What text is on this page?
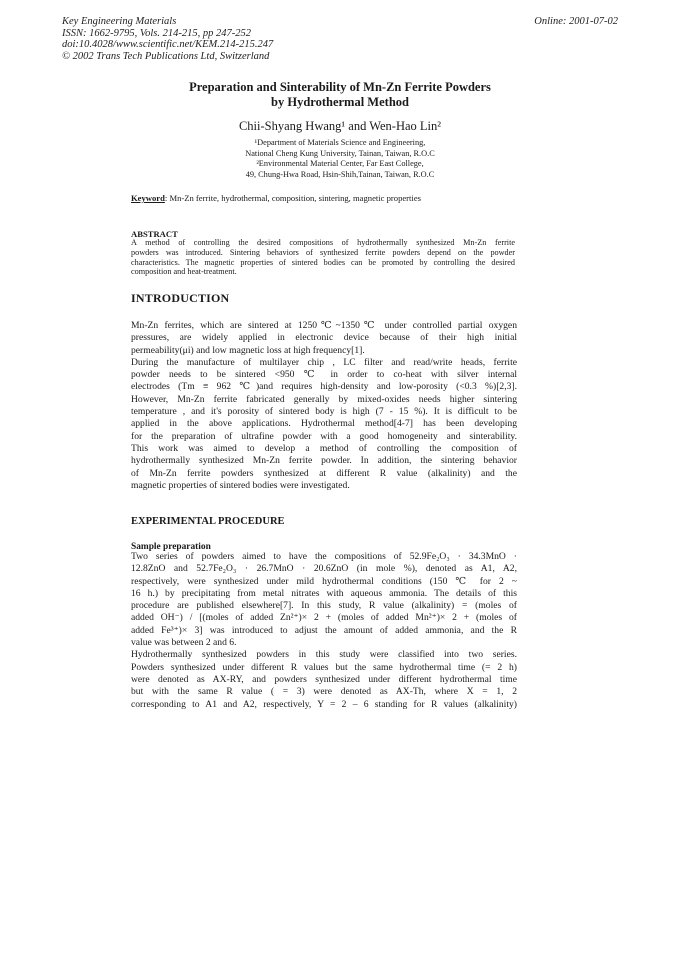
Key Engineering Materials
ISSN: 1662-9795, Vols. 214-215, pp 247-252
doi:10.4028/www.scientific.net/KEM.214-215.247
© 2002 Trans Tech Publications Ltd, Switzerland
Online: 2001-07-02
Preparation and Sinterability of Mn-Zn Ferrite Powders
by Hydrothermal Method
Chii-Shyang Hwang¹ and Wen-Hao Lin²
¹Department of Materials Science and Engineering,
National Cheng Kung University, Tainan, Taiwan, R.O.C
²Environmental Material Center, Far East College,
49, Chung-Hwa Road, Hsin-Shih,Tainan, Taiwan, R.O.C
Keyword: Mn-Zn ferrite, hydrothermal, composition, sintering, magnetic properties
ABSTRACT
A method of controlling the desired compositions of hydrothermally synthesized Mn-Zn ferrite
powders was introduced. Sintering behaviors of synthesized ferrite powders depend on the powder
characteristics. The magnetic properties of sintered bodies can be promoted by controlling the desired
composition and heat-treatment.
INTRODUCTION
Mn-Zn ferrites, which are sintered at 1250℃~1350℃ under controlled partial oxygen
pressures, are widely applied in electronic device because of their high initial
permeability(μi) and low magnetic loss at high frequency[1].
During the manufacture of multilayer chip , LC filter and read/write heads, ferrite
powder needs to be sintered <950 ℃ in order to co-heat with silver internal
electrodes (Tm ≡ 962 ℃)and requires high-density and low-porosity (<0.3 %)[2,3].
However, Mn-Zn ferrite fabricated generally by mixed-oxides needs higher sintering
temperature , and it's porosity of sintered body is high (7 - 15 %). It is difficult to be
applied in the above applications. Hydrothermal method[4-7] has been developing
for the preparation of ultrafine powder with a good homogeneity and sinterability.
This work was aimed to develop a method of controlling the composition of
hydrothermally synthesized Mn-Zn ferrite powder. In addition, the sintering behavior
of Mn-Zn ferrite powders synthesized at different R value (alkalinity) and the
magnetic properties of sintered bodies were investigated.
EXPERIMENTAL PROCEDURE
Sample preparation
Two series of powders aimed to have the compositions of 52.9Fe₂O₃ · 34.3MnO ·
12.8ZnO and 52.7Fe₂O₃ · 26.7MnO · 20.6ZnO (in mole %), denoted as A1, A2,
respectively, were synthesized under mild hydrothermal conditions (150 ℃ for 2 ~
16 h.) by precipitating from metal nitrates with aqueous ammonia. The details of this
procedure are published elsewhere[7]. In this study, R value (alkalinity) = (moles of
added OH⁻) / [(moles of added Zn²⁺)× 2 + (moles of added Mn²⁺)× 2 + (moles of
added Fe³⁺)× 3] was introduced to adjust the amount of added ammonia, and the R
value was between 2 and 6.
Hydrothermally synthesized powders in this study were classified into two series.
Powders synthesized under different R values but the same hydrothermal time (= 2 h)
were denoted as AX-RY, and powders synthesized under different hydrothermal time
but with the same R value ( = 3) were denoted as AX-Th, where X = 1, 2
corresponding to A1 and A2, respectively, Y = 2 – 6 standing for R values (alkalinity)
